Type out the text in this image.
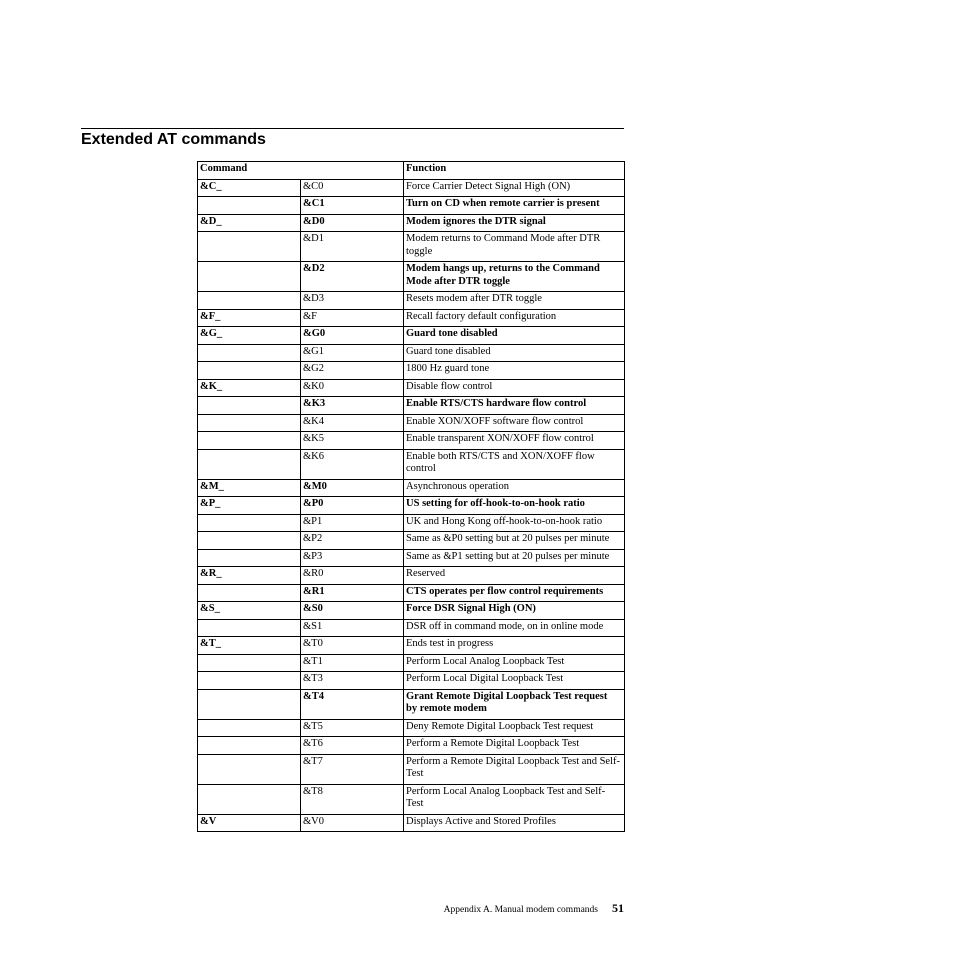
Extended AT commands
Command		Function
&C_	&C0	Force Carrier Detect Signal High (ON)
	&C1	Turn on CD when remote carrier is present
&D_	&D0	Modem ignores the DTR signal
	&D1	Modem returns to Command Mode after DTR toggle
	&D2	Modem hangs up, returns to the Command Mode after DTR toggle
	&D3	Resets modem after DTR toggle
&F_	&F	Recall factory default configuration
&G_	&G0	Guard tone disabled
	&G1	Guard tone disabled
	&G2	1800 Hz guard tone
&K_	&K0	Disable flow control
	&K3	Enable RTS/CTS hardware flow control
	&K4	Enable XON/XOFF software flow control
	&K5	Enable transparent XON/XOFF flow control
	&K6	Enable both RTS/CTS and XON/XOFF flow control
&M_	&M0	Asynchronous operation
&P_	&P0	US setting for off-hook-to-on-hook ratio
	&P1	UK and Hong Kong off-hook-to-on-hook ratio
	&P2	Same as &P0 setting but at 20 pulses per minute
	&P3	Same as &P1 setting but at 20 pulses per minute
&R_	&R0	Reserved
	&R1	CTS operates per flow control requirements
&S_	&S0	Force DSR Signal High (ON)
	&S1	DSR off in command mode, on in online mode
&T_	&T0	Ends test in progress
	&T1	Perform Local Analog Loopback Test
	&T3	Perform Local Digital Loopback Test
	&T4	Grant Remote Digital Loopback Test request by remote modem
	&T5	Deny Remote Digital Loopback Test request
	&T6	Perform a Remote Digital Loopback Test
	&T7	Perform a Remote Digital Loopback Test and Self-Test
	&T8	Perform Local Analog Loopback Test and Self-Test
&V	&V0	Displays Active and Stored Profiles
Appendix A. Manual modem commands 51
